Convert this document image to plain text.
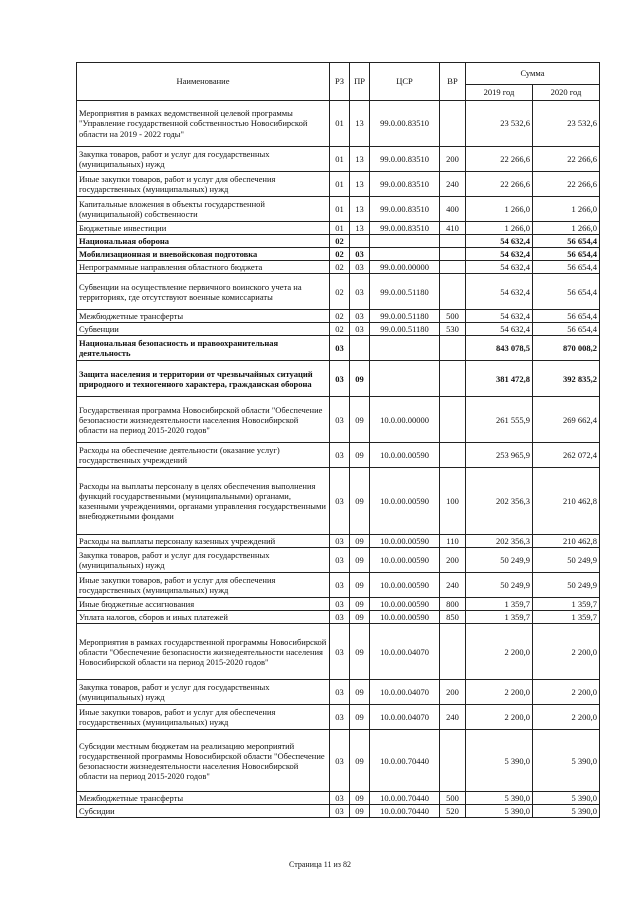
Наименование	РЗ	ПР	ЦСР	ВР	Сумма	
					2019 год	2020 год
Мероприятия в рамках ведомственной целевой программы "Управление государственной собственностью Новосибирской области на 2019 - 2022 годы"	01	13	99.0.00.83510		23 532,6	23 532,6
Закупка товаров, работ и услуг для государственных (муниципальных) нужд	01	13	99.0.00.83510	200	22 266,6	22 266,6
Иные закупки товаров, работ и услуг для обеспечения государственных (муниципальных) нужд	01	13	99.0.00.83510	240	22 266,6	22 266,6
Капитальные вложения в объекты государственной (муниципальной) собственности	01	13	99.0.00.83510	400	1 266,0	1 266,0
Бюджетные инвестиции	01	13	99.0.00.83510	410	1 266,0	1 266,0
Национальная оборона	02				54 632,4	56 654,4
Мобилизационная и вневойсковая подготовка	02	03			54 632,4	56 654,4
Непрограммные направления областного бюджета	02	03	99.0.00.00000		54 632,4	56 654,4
Субвенции на осуществление первичного воинского учета на территориях, где отсутствуют военные комиссариаты	02	03	99.0.00.51180		54 632,4	56 654,4
Межбюджетные трансферты	02	03	99.0.00.51180	500	54 632,4	56 654,4
Субвенции	02	03	99.0.00.51180	530	54 632,4	56 654,4
Национальная безопасность и правоохранительная деятельность	03				843 078,5	870 008,2
Защита населения и территории от чрезвычайных ситуаций природного и техногенного характера, гражданская оборона	03	09			381 472,8	392 835,2
Государственная программа Новосибирской области "Обеспечение безопасности жизнедеятельности населения Новосибирской области на период 2015-2020 годов"	03	09	10.0.00.00000		261 555,9	269 662,4
Расходы на обеспечение деятельности (оказание услуг) государственных учреждений	03	09	10.0.00.00590		253 965,9	262 072,4
Расходы на выплаты персоналу в целях обеспечения выполнения функций государственными (муниципальными) органами, казенными учреждениями, органами управления государственными внебюджетными фондами	03	09	10.0.00.00590	100	202 356,3	210 462,8
Расходы на выплаты персоналу казенных учреждений	03	09	10.0.00.00590	110	202 356,3	210 462,8
Закупка товаров, работ и услуг для государственных (муниципальных) нужд	03	09	10.0.00.00590	200	50 249,9	50 249,9
Иные закупки товаров, работ и услуг для обеспечения государственных (муниципальных) нужд	03	09	10.0.00.00590	240	50 249,9	50 249,9
Иные бюджетные ассигнования	03	09	10.0.00.00590	800	1 359,7	1 359,7
Уплата налогов, сборов и иных платежей	03	09	10.0.00.00590	850	1 359,7	1 359,7
Мероприятия в рамках государственной программы Новосибирской области "Обеспечение безопасности жизнедеятельности населения Новосибирской области на период 2015-2020 годов"	03	09	10.0.00.04070		2 200,0	2 200,0
Закупка товаров, работ и услуг для государственных (муниципальных) нужд	03	09	10.0.00.04070	200	2 200,0	2 200,0
Иные закупки товаров, работ и услуг для обеспечения государственных (муниципальных) нужд	03	09	10.0.00.04070	240	2 200,0	2 200,0
Субсидии местным бюджетам на реализацию мероприятий государственной программы Новосибирской области "Обеспечение безопасности жизнедеятельности населения Новосибирской области на период 2015-2020 годов"	03	09	10.0.00.70440		5 390,0	5 390,0
Межбюджетные трансферты	03	09	10.0.00.70440	500	5 390,0	5 390,0
Субсидии	03	09	10.0.00.70440	520	5 390,0	5 390,0
Страница 11 из 82
